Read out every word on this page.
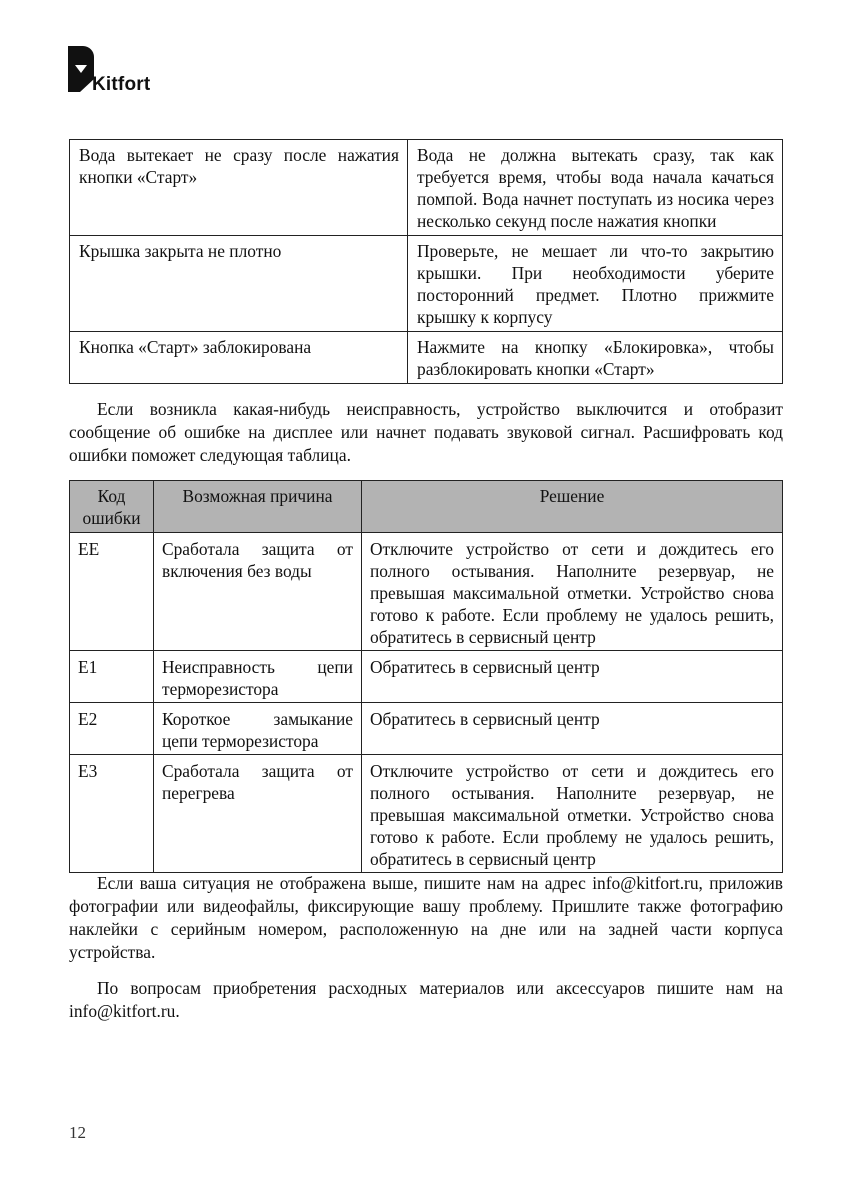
Kitfort
Вода вытекает не сразу после нажатия кнопки «Старт»	Вода не должна вытекать сразу, так как требуется время, чтобы вода начала качаться помпой. Вода начнет поступать из носика через несколько секунд после нажатия кнопки
Крышка закрыта не плотно	Проверьте, не мешает ли что-то закрытию крышки. При необходимости уберите посторонний предмет. Плотно прижмите крышку к корпусу
Кнопка «Старт» заблокирована	Нажмите на кнопку «Блокировка», чтобы разблокировать кнопки «Старт»

Если возникла какая-нибудь неисправность, устройство выключится и отобразит сообщение об ошибке на дисплее или начнет подавать звуковой сигнал. Расшифровать код ошибки поможет следующая таблица.

Код ошибки	Возможная причина	Решение
EE	Сработала защита от включения без воды	Отключите устройство от сети и дождитесь его полного остывания. Наполните резервуар, не превышая максимальной отметки. Устройство снова готово к работе. Если проблему не удалось решить, обратитесь в сервисный центр
E1	Неисправность цепи терморезистора	Обратитесь в сервисный центр
E2	Короткое замыкание цепи терморезистора	Обратитесь в сервисный центр
E3	Сработала защита от перегрева	Отключите устройство от сети и дождитесь его полного остывания. Наполните резервуар, не превышая максимальной отметки. Устройство снова готово к работе. Если проблему не удалось решить, обратитесь в сервисный центр

Если ваша ситуация не отображена выше, пишите нам на адрес info@kitfort.ru, приложив фотографии или видеофайлы, фиксирующие вашу проблему. Пришлите также фотографию наклейки с серийным номером, расположенную на дне или на задней части корпуса устройства.

По вопросам приобретения расходных материалов или аксессуаров пишите нам на info@kitfort.ru.

12
